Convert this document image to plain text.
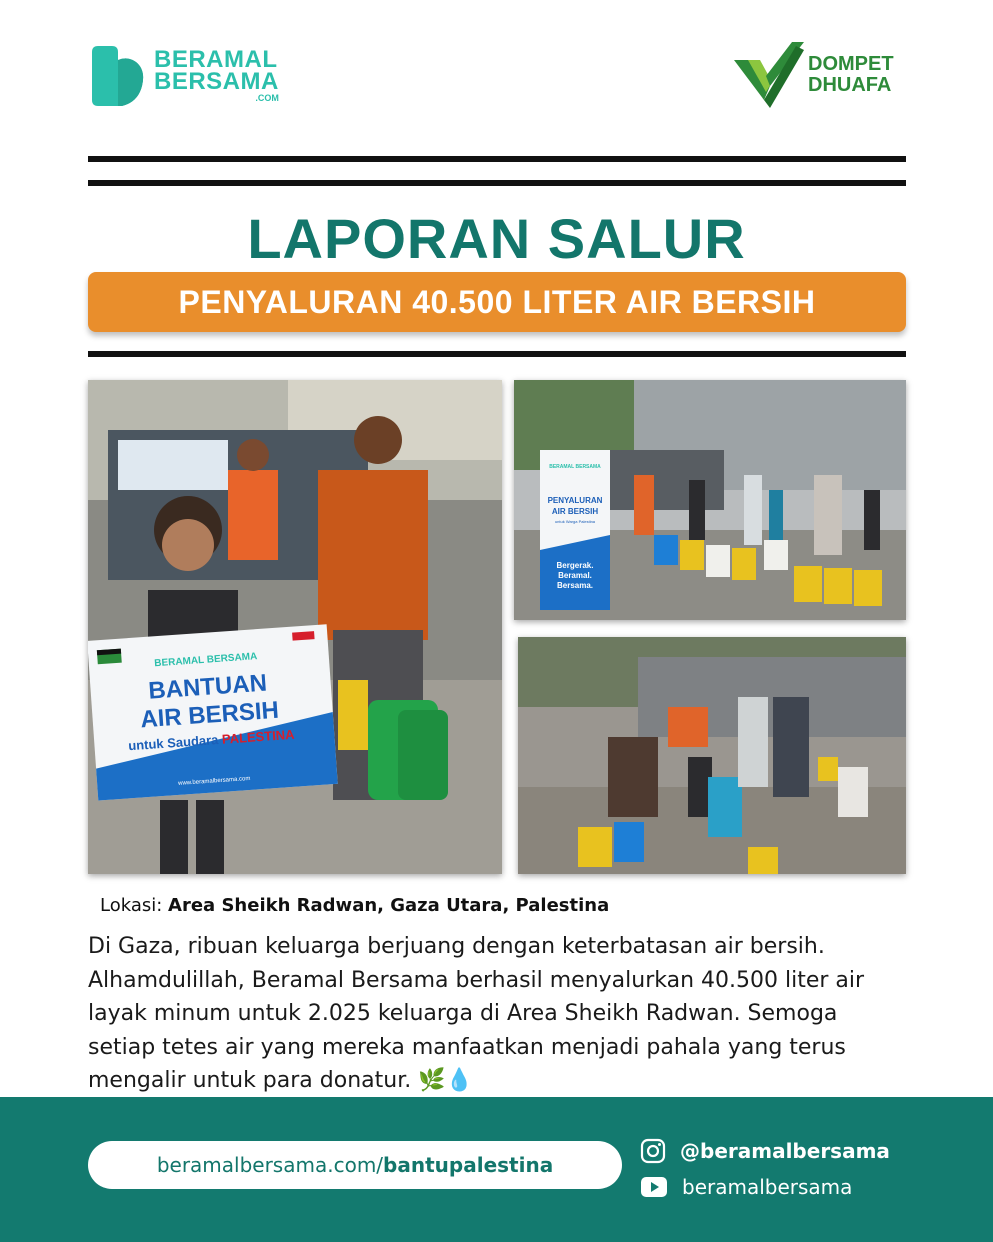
BERAMAL
BERSAMA
.COM
DOMPET
DHUAFA
LAPORAN SALUR
PENYALURAN 40.500 LITER AIR BERSIH
BERAMAL BERSAMA
BANTUAN
AIR BERSIH
untuk Saudara PALESTINA
www.beramalbersama.com
BERAMAL BERSAMA
PENYALURAN
AIR BERSIH
untuk Warga Palestina
Bergerak.
Beramal.
Bersama.
Lokasi: Area Sheikh Radwan, Gaza Utara, Palestina
Di Gaza, ribuan keluarga berjuang dengan keterbatasan air bersih. Alhamdulillah, Beramal Bersama berhasil menyalurkan 40.500 liter air layak minum untuk 2.025 keluarga di Area Sheikh Radwan. Semoga setiap tetes air yang mereka manfaatkan menjadi pahala yang terus mengalir untuk para donatur. 🌿💧
beramalbersama.com/bantupalestina
@beramalbersama
beramalbersama
